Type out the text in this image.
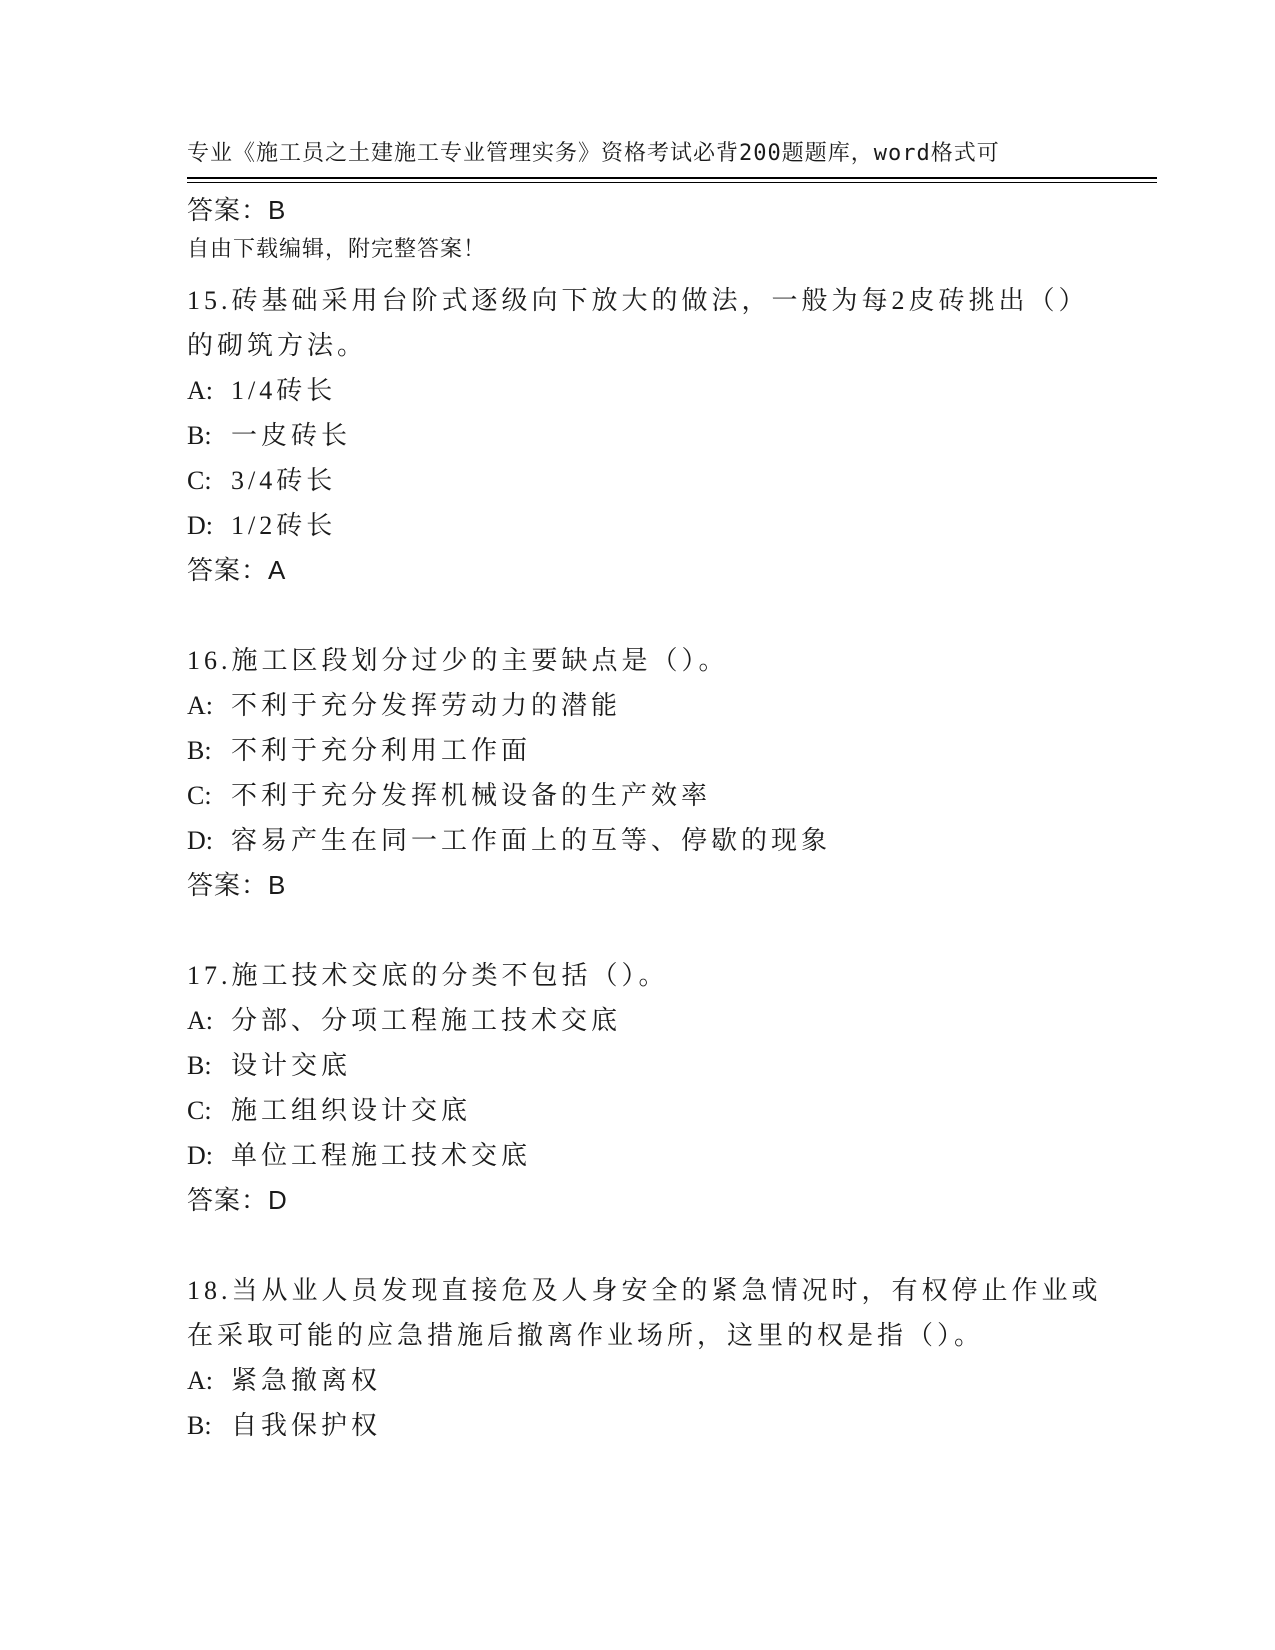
专业《施工员之土建施工专业管理实务》资格考试必背200题题库，word格式可

自由下载编辑，附完整答案！

答案：B
15.砖基础采用台阶式逐级向下放大的做法，一般为每2皮砖挑出（）
的砌筑方法。
A: 1/4砖长
B: 一皮砖长
C: 3/4砖长
D: 1/2砖长
答案：A
16.施工区段划分过少的主要缺点是（）。
A: 不利于充分发挥劳动力的潜能
B: 不利于充分利用工作面
C: 不利于充分发挥机械设备的生产效率
D: 容易产生在同一工作面上的互等、停歇的现象
答案：B
17.施工技术交底的分类不包括（）。
A: 分部、分项工程施工技术交底
B: 设计交底
C: 施工组织设计交底
D: 单位工程施工技术交底
答案：D
18.当从业人员发现直接危及人身安全的紧急情况时，有权停止作业或
在采取可能的应急措施后撤离作业场所，这里的权是指（）。
A: 紧急撤离权
B: 自我保护权
